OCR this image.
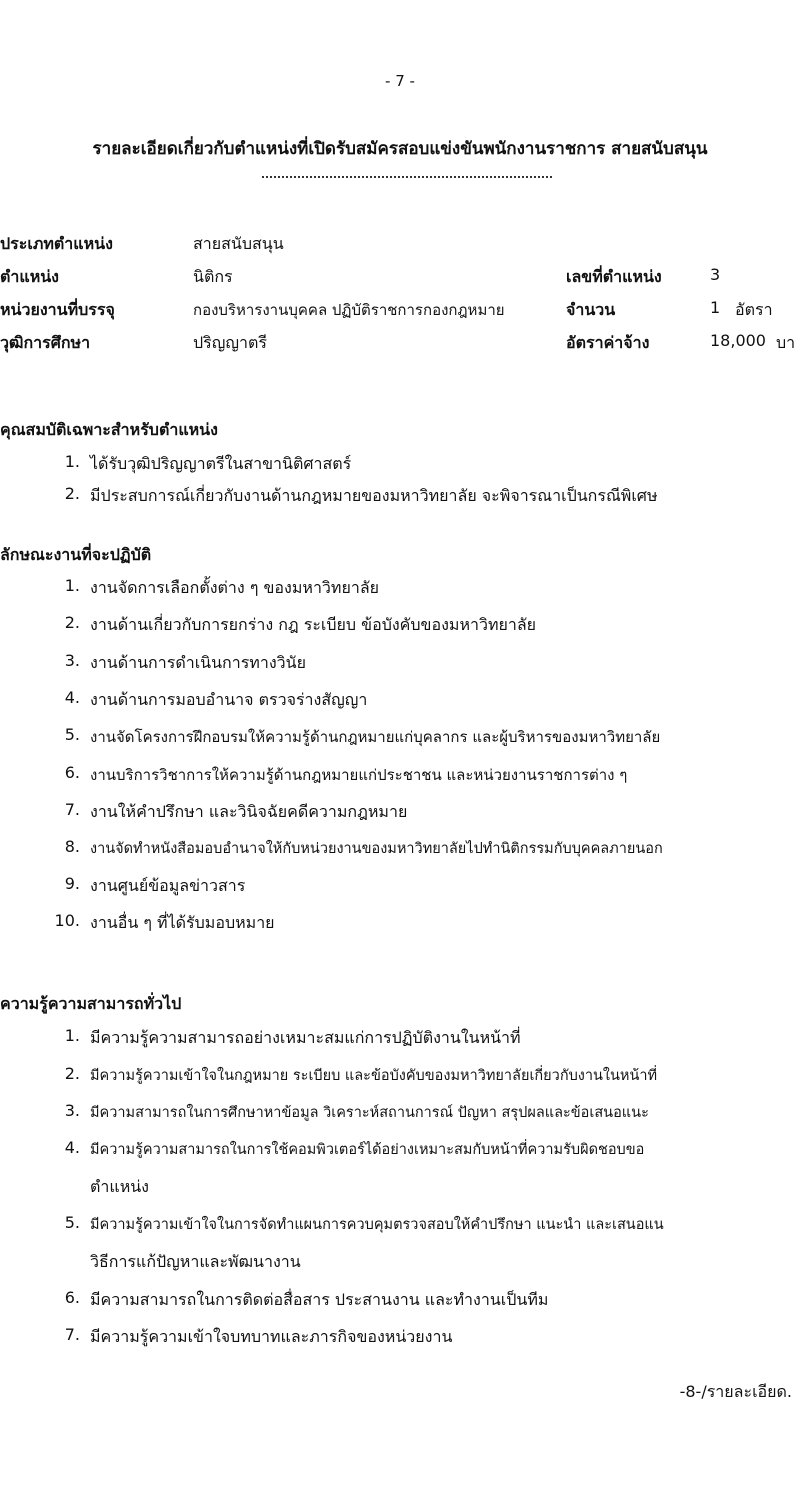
- 7 -
รายละเอียดเกี่ยวกับตำแหน่งที่เปิดรับสมัครสอบแข่งขันพนักงานราชการ สายสนับสนุน
ประเภทตำแหน่ง	สายสนับสนุน
ตำแหน่ง	นิติกร	เลขที่ตำแหน่ง	3
หน่วยงานที่บรรจุ	กองบริหารงานบุคคล ปฏิบัติราชการกองกฎหมาย	จำนวน	1 อัตรา
วุฒิการศึกษา	ปริญญาตรี	อัตราค่าจ้าง	18,000 บา
คุณสมบัติเฉพาะสำหรับตำแหน่ง
1. ได้รับวุฒิปริญญาตรีในสาขานิติศาสตร์
2. มีประสบการณ์เกี่ยวกับงานด้านกฎหมายของมหาวิทยาลัย จะพิจารณาเป็นกรณีพิเศษ
ลักษณะงานที่จะปฏิบัติ
1. งานจัดการเลือกตั้งต่าง ๆ ของมหาวิทยาลัย
2. งานด้านเกี่ยวกับการยกร่าง กฎ ระเบียบ ข้อบังคับของมหาวิทยาลัย
3. งานด้านการดำเนินการทางวินัย
4. งานด้านการมอบอำนาจ ตรวจร่างสัญญา
5. งานจัดโครงการฝึกอบรมให้ความรู้ด้านกฎหมายแก่บุคลากร และผู้บริหารของมหาวิทยาลัย
6. งานบริการวิชาการให้ความรู้ด้านกฎหมายแก่ประชาชน และหน่วยงานราชการต่าง ๆ
7. งานให้คำปรึกษา และวินิจฉัยคดีความกฎหมาย
8. งานจัดทำหนังสือมอบอำนาจให้กับหน่วยงานของมหาวิทยาลัยไปทำนิติกรรมกับบุคคลภายนอก
9. งานศูนย์ข้อมูลข่าวสาร
10. งานอื่น ๆ ที่ได้รับมอบหมาย
ความรู้ความสามารถทั่วไป
1. มีความรู้ความสามารถอย่างเหมาะสมแก่การปฏิบัติงานในหน้าที่
2. มีความรู้ความเข้าใจในกฎหมาย ระเบียบ และข้อบังคับของมหาวิทยาลัยเกี่ยวกับงานในหน้าที่
3. มีความสามารถในการศึกษาหาข้อมูล วิเคราะห์สถานการณ์ ปัญหา สรุปผลและข้อเสนอแนะ
4. มีความรู้ความสามารถในการใช้คอมพิวเตอร์ได้อย่างเหมาะสมกับหน้าที่ความรับผิดชอบขอ
ตำแหน่ง
5. มีความรู้ความเข้าใจในการจัดทำแผนการควบคุมตรวจสอบให้คำปรึกษา แนะนำ และเสนอแน
วิธีการแก้ปัญหาและพัฒนางาน
6. มีความสามารถในการติดต่อสื่อสาร ประสานงาน และทำงานเป็นทีม
7. มีความรู้ความเข้าใจบทบาทและภารกิจของหน่วยงาน
-8-/รายละเอียด.
